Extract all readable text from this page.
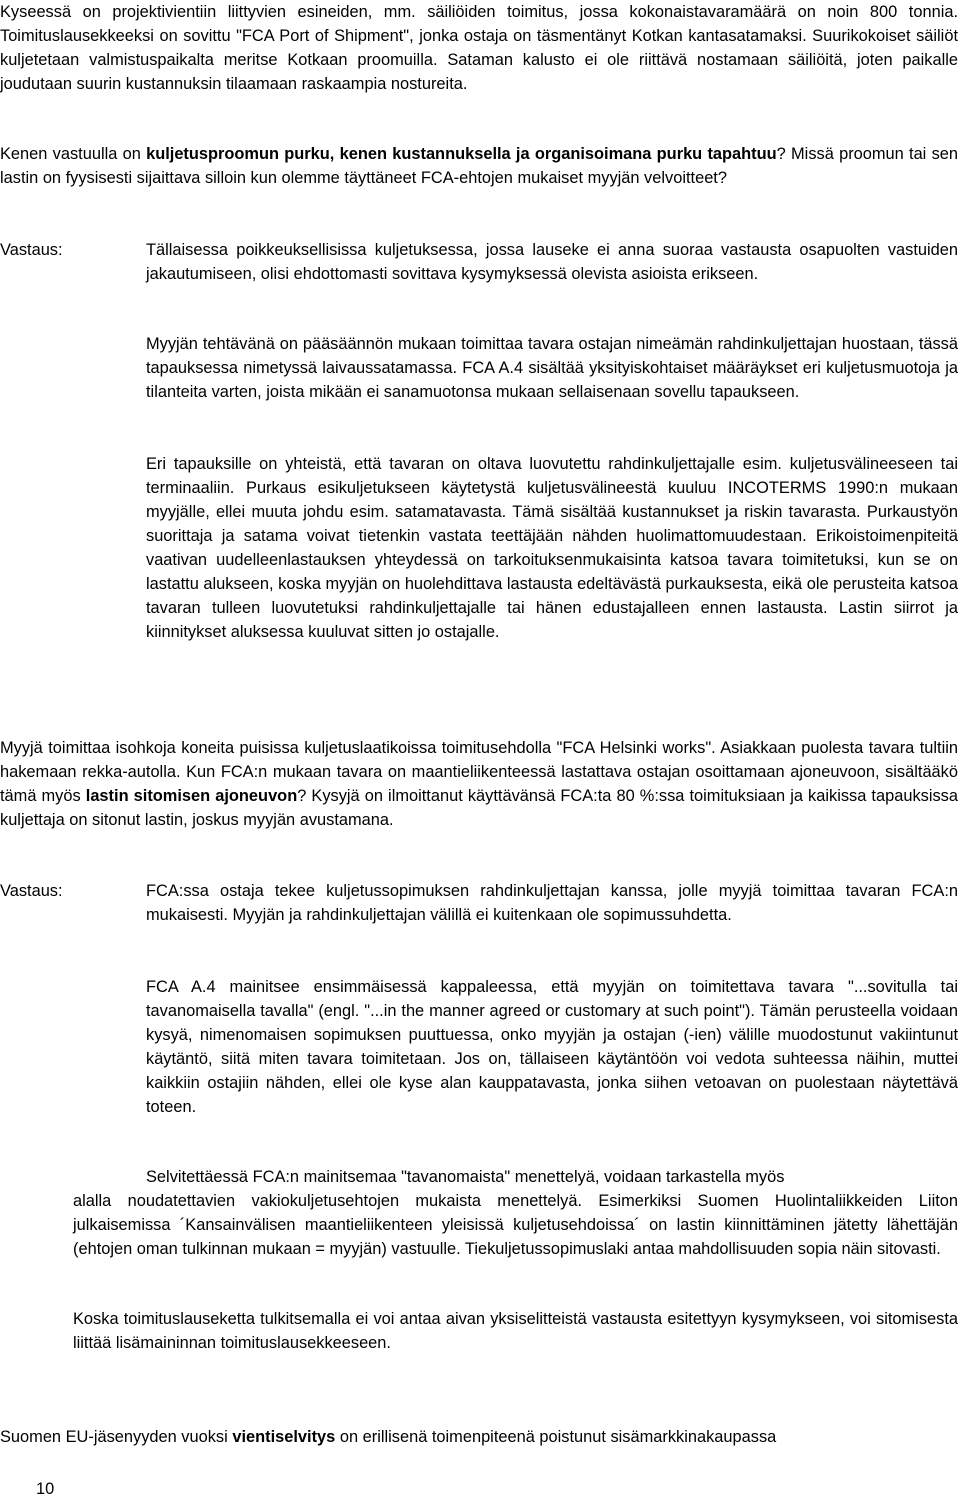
Kyseessä on projektivientiin liittyvien esineiden, mm. säiliöiden toimitus, jossa kokonaistavaramäärä on noin 800 tonnia. Toimituslausekkeeksi on sovittu "FCA Port of Shipment", jonka ostaja on täsmentänyt Kotkan kantasatamaksi. Suurikokoiset säiliöt kuljetetaan valmistuspaikalta meritse Kotkaan proomuilla. Sataman kalusto ei ole riittävä nostamaan säiliöitä, joten paikalle joudutaan suurin kustannuksin tilaamaan raskaampia nostureita.

Kenen vastuulla on kuljetusproomun purku, kenen kustannuksella ja organisoimana purku tapahtuu? Missä proomun tai sen lastin on fyysisesti sijaittava silloin kun olemme täyttäneet FCA-ehtojen mukaiset myyjän velvoitteet?

Vastaus:	Tällaisessa poikkeuksellisissa kuljetuksessa, jossa lauseke ei anna suoraa vastausta osapuolten vastuiden jakautumiseen, olisi ehdottomasti sovittava kysymyksessä olevista asioista erikseen.

Myyjän tehtävänä on pääsäännön mukaan toimittaa tavara ostajan nimeämän rahdinkuljettajan huostaan, tässä tapauksessa nimetyssä laivaussatamassa. FCA A.4 sisältää yksityiskohtaiset määräykset eri kuljetusmuotoja ja tilanteita varten, joista mikään ei sanamuotonsa mukaan sellaisenaan sovellu tapaukseen.

Eri tapauksille on yhteistä, että tavaran on oltava luovutettu rahdinkuljettajalle esim. kuljetusvälineeseen tai terminaaliin. Purkaus esikuljetukseen käytetystä kuljetusvälineestä kuuluu INCOTERMS 1990:n mukaan myyjälle, ellei muuta johdu esim. satamatavasta. Tämä sisältää kustannukset ja riskin tavarasta. Purkaustyön suorittaja ja satama voivat tietenkin vastata teettäjään nähden huolimattomuudestaan. Erikoistoimenpiteitä vaativan uudelleenlastauksen yhteydessä on tarkoituksenmukaisinta katsoa tavara toimitetuksi, kun se on lastattu alukseen, koska myyjän on huolehdittava lastausta edeltävästä purkauksesta, eikä ole perusteita katsoa tavaran tulleen luovutetuksi rahdinkuljettajalle tai hänen edustajalleen ennen lastausta. Lastin siirrot ja kiinnitykset aluksessa kuuluvat sitten jo ostajalle.

Myyjä toimittaa isohkoja koneita puisissa kuljetuslaatikoissa toimitusehdolla "FCA Helsinki works". Asiakkaan puolesta tavara tultiin hakemaan rekka-autolla. Kun FCA:n mukaan tavara on maantieliikenteessä lastattava ostajan osoittamaan ajoneuvoon, sisältääkö tämä myös lastin sitomisen ajoneuvon? Kysyjä on ilmoittanut käyttävänsä FCA:ta 80 %:ssa toimituksiaan ja kaikissa tapauksissa kuljettaja on sitonut lastin, joskus myyjän avustamana.

Vastaus:	FCA:ssa ostaja tekee kuljetussopimuksen rahdinkuljettajan kanssa, jolle myyjä toimittaa tavaran FCA:n mukaisesti. Myyjän ja rahdinkuljettajan välillä ei kuitenkaan ole sopimussuhdetta.

FCA A.4 mainitsee ensimmäisessä kappaleessa, että myyjän on toimitettava tavara "...sovitulla tai tavanomaisella tavalla" (engl. "...in the manner agreed or customary at such point"). Tämän perusteella voidaan kysyä, nimenomaisen sopimuksen puuttuessa, onko myyjän ja ostajan (-ien) välille muodostunut vakiintunut käytäntö, siitä miten tavara toimitetaan. Jos on, tällaiseen käytäntöön voi vedota suhteessa näihin, muttei kaikkiin ostajiin nähden, ellei ole kyse alan kauppatavasta, jonka siihen vetoavan on puolestaan näytettävä toteen.

Selvitettäessä FCA:n mainitsemaa "tavanomaista" menettelyä, voidaan tarkastella myös

alalla noudatettavien vakiokuljetusehtojen mukaista menettelyä. Esimerkiksi Suomen Huolintaliikkeiden Liiton julkaisemissa ´Kansainvälisen maantieliikenteen yleisissä kuljetusehdoissa´ on lastin kiinnittäminen jätetty lähettäjän (ehtojen oman tulkinnan mukaan = myyjän) vastuulle. Tiekuljetussopimuslaki antaa mahdollisuuden sopia näin sitovasti.

Koska toimituslauseketta tulkitsemalla ei voi antaa aivan yksiselitteistä vastausta esitettyyn kysymykseen, voi sitomisesta liittää lisämaininnan toimituslausekkeeseen.

Suomen EU-jäsenyyden vuoksi vientiselvitys on erillisenä toimenpiteenä poistunut sisämarkkinakaupassa

10
